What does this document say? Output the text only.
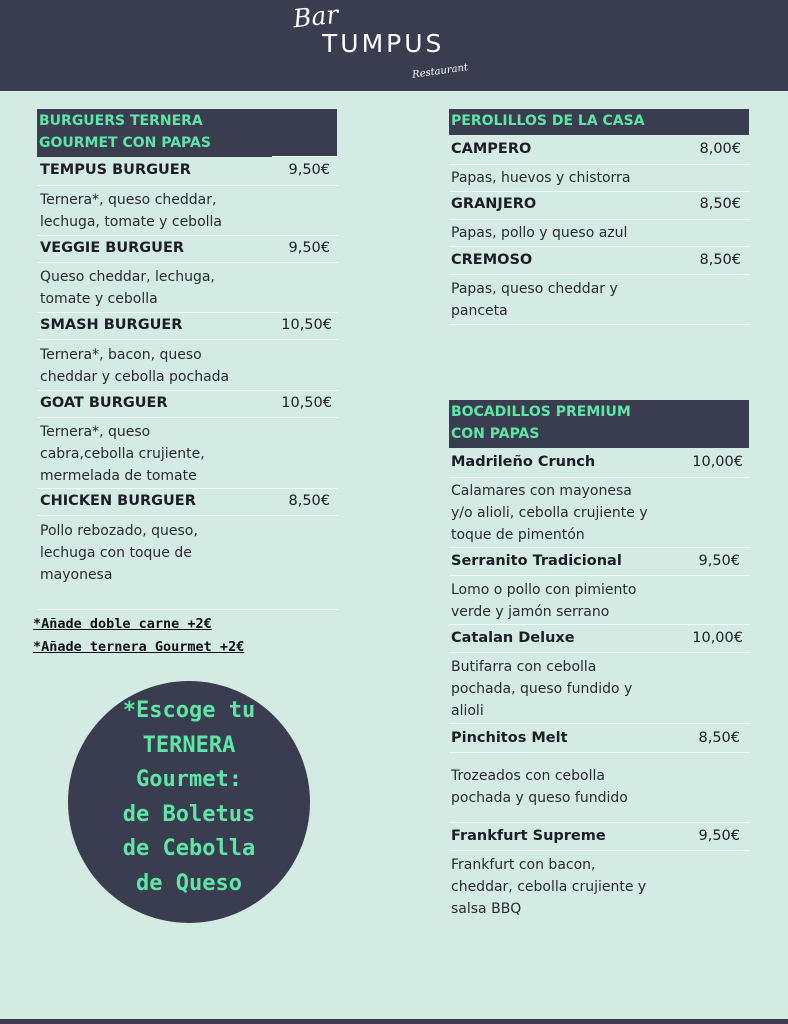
Bar
TUMPUS
Restaurant
BURGUERS TERNERA
GOURMET CON PAPAS
TEMPUS BURGUER	9,50€
Ternera*, queso cheddar,
lechuga, tomate y cebolla
VEGGIE BURGUER	9,50€
Queso cheddar, lechuga,
tomate y cebolla
SMASH BURGUER	10,50€
Ternera*, bacon, queso
cheddar y cebolla pochada
GOAT BURGUER	10,50€
Ternera*, queso
cabra,cebolla crujiente,
mermelada de tomate
CHICKEN BURGUER	8,50€
Pollo rebozado, queso,
lechuga con toque de
mayonesa
*Añade doble carne +2€
*Añade ternera Gourmet +2€
*Escoge tu
TERNERA
Gourmet:
de Boletus
de Cebolla
de Queso
PEROLILLOS DE LA CASA
CAMPERO	8,00€
Papas, huevos y chistorra
GRANJERO	8,50€
Papas, pollo y queso azul
CREMOSO	8,50€
Papas, queso cheddar y
panceta
BOCADILLOS PREMIUM
CON PAPAS
Madrileño Crunch	10,00€
Calamares con mayonesa
y/o alioli, cebolla crujiente y
toque de pimentón
Serranito Tradicional	9,50€
Lomo o pollo con pimiento
verde y jamón serrano
Catalan Deluxe	10,00€
Butifarra con cebolla
pochada, queso fundido y
alioli
Pinchitos Melt	8,50€
Trozeados con cebolla
pochada y queso fundido
Frankfurt Supreme	9,50€
Frankfurt con bacon,
cheddar, cebolla crujiente y
salsa BBQ
